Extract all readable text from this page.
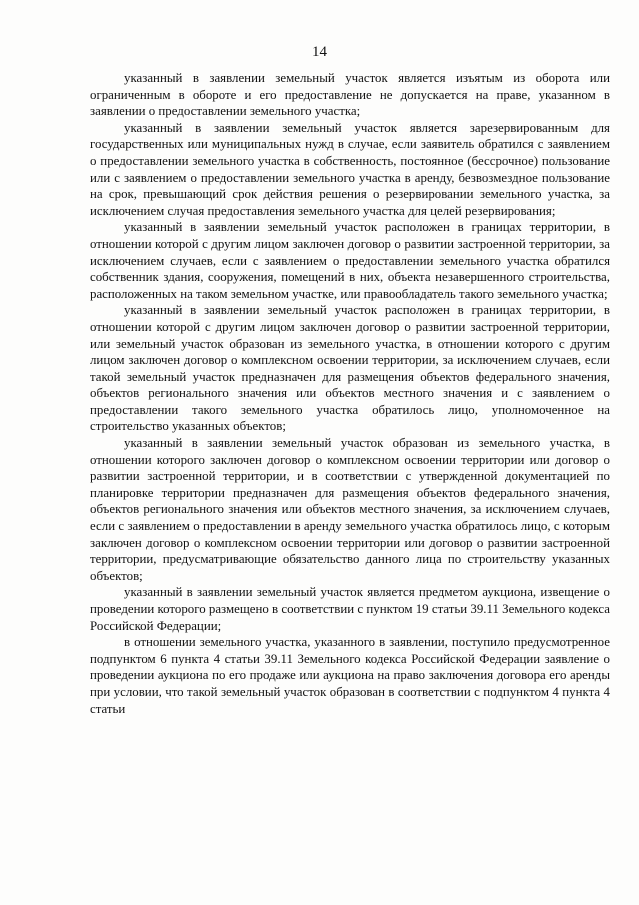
14

указанный в заявлении земельный участок является изъятым из оборота или ограниченным в обороте и его предоставление не допускается на праве, указанном в заявлении о предоставлении земельного участка;

указанный в заявлении земельный участок является зарезервированным для государственных или муниципальных нужд в случае, если заявитель обратился с заявлением о предоставлении земельного участка в собственность, постоянное (бессрочное) пользование или с заявлением о предоставлении земельного участка в аренду, безвозмездное пользование на срок, превышающий срок действия решения о резервировании земельного участка, за исключением случая предоставления земельного участка для целей резервирования;

указанный в заявлении земельный участок расположен в границах территории, в отношении которой с другим лицом заключен договор о развитии застроенной территории, за исключением случаев, если с заявлением о предоставлении земельного участка обратился собственник здания, сооружения, помещений в них, объекта незавершенного строительства, расположенных на таком земельном участке, или правообладатель такого земельного участка;

указанный в заявлении земельный участок расположен в границах территории, в отношении которой с другим лицом заключен договор о развитии застроенной территории, или земельный участок образован из земельного участка, в отношении которого с другим лицом заключен договор о комплексном освоении территории, за исключением случаев, если такой земельный участок предназначен для размещения объектов федерального значения, объектов регионального значения или объектов местного значения и с заявлением о предоставлении такого земельного участка обратилось лицо, уполномоченное на строительство указанных объектов;

указанный в заявлении земельный участок образован из земельного участка, в отношении которого заключен договор о комплексном освоении территории или договор о развитии застроенной территории, и в соответствии с утвержденной документацией по планировке территории предназначен для размещения объектов федерального значения, объектов регионального значения или объектов местного значения, за исключением случаев, если с заявлением о предоставлении в аренду земельного участка обратилось лицо, с которым заключен договор о комплексном освоении территории или договор о развитии застроенной территории, предусматривающие обязательство данного лица по строительству указанных объектов;

указанный в заявлении земельный участок является предметом аукциона, извещение о проведении которого размещено в соответствии с пунктом 19 статьи 39.11 Земельного кодекса Российской Федерации;

в отношении земельного участка, указанного в заявлении, поступило предусмотренное подпунктом 6 пункта 4 статьи 39.11 Земельного кодекса Российской Федерации заявление о проведении аукциона по его продаже или аукциона на право заключения договора его аренды при условии, что такой земельный участок образован в соответствии с подпунктом 4 пункта 4 статьи
